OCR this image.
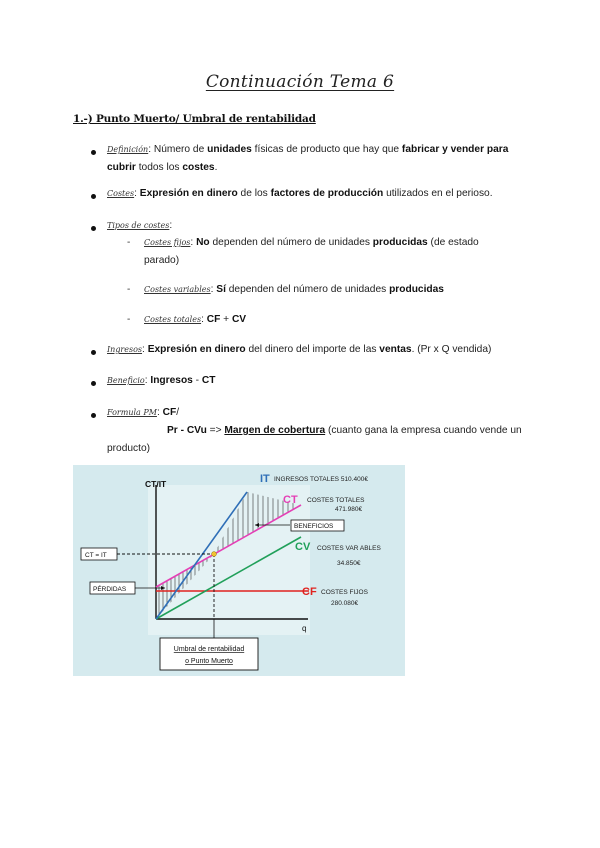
Continuación Tema 6
1.-) Punto Muerto/ Umbral de rentabilidad
Definición: Número de unidades físicas de producto que hay que fabricar y vender para cubrir todos los costes.
Costes: Expresión en dinero de los factores de producción utilizados en el perioso.
Tipos de costes:
- Costes fijos: No dependen del número de unidades producidas (de estado parado)
- Costes variables: Sí dependen del número de unidades producidas
- Costes totales: CF + CV
Ingresos: Expresión en dinero del dinero del importe de las ventas. (Pr x Q vendida)
Beneficio: Ingresos - CT
Formula PM: CF/
Pr - CVu => Margen de cobertura (cuanto gana la empresa cuando vende un producto)
CT/IT
q
IT INGRESOS TOTALES 510.400€
CT COSTES TOTALES
471.980€
CV COSTES VAR ABLES
34.850€
CF COSTES FIJOS
280.080€
BENEFICIOS
PÉRDIDAS
CT = IT
Umbral de rentabilidad
o Punto Muerto
